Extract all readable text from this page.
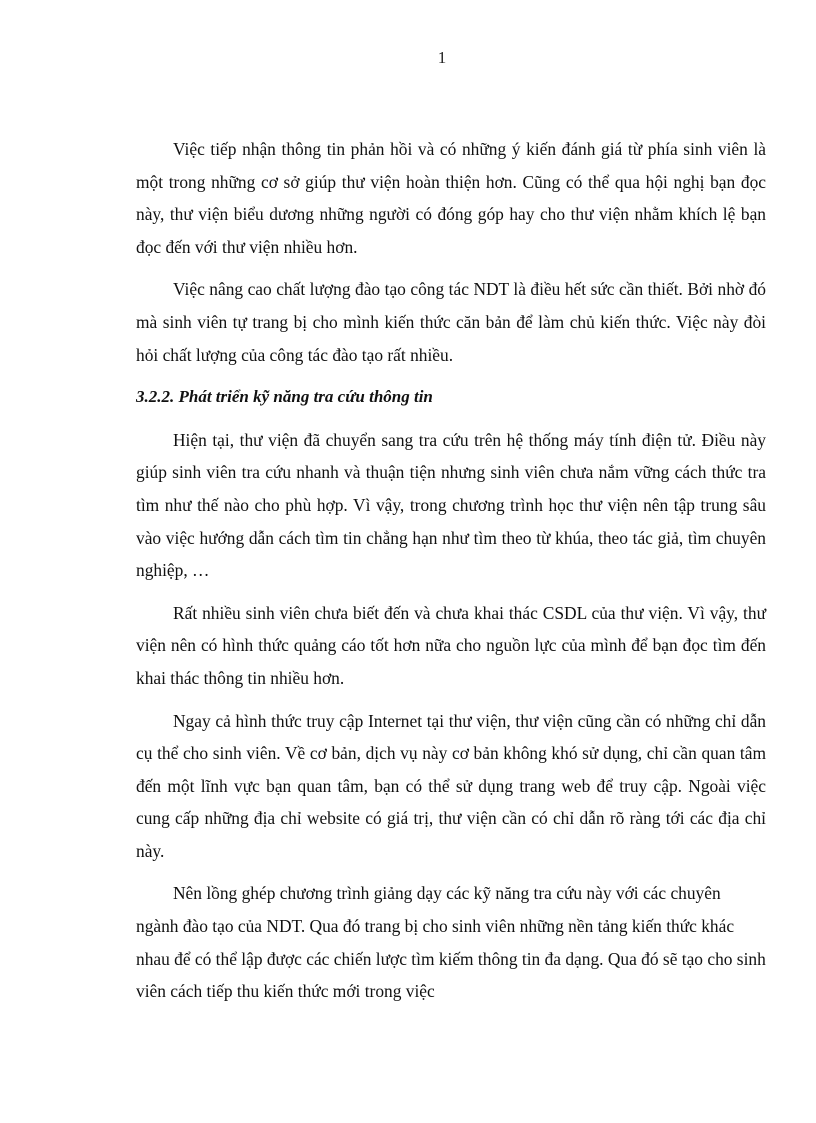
1

Việc tiếp nhận thông tin phản hồi và có những ý kiến đánh giá từ phía sinh viên là một trong những cơ sở giúp thư viện hoàn thiện hơn. Cũng có thể qua hội nghị bạn đọc này, thư viện biểu dương những người có đóng góp hay cho thư viện nhằm khích lệ bạn đọc đến với thư viện nhiều hơn.

Việc nâng cao chất lượng đào tạo công tác NDT là điều hết sức cần thiết. Bởi nhờ đó mà sinh viên tự trang bị cho mình kiến thức căn bản để làm chủ kiến thức. Việc này đòi hỏi chất lượng của công tác đào tạo rất nhiều.

3.2.2. Phát triển kỹ năng tra cứu thông tin

Hiện tại, thư viện đã chuyển sang tra cứu trên hệ thống máy tính điện tử. Điều này giúp sinh viên tra cứu nhanh và thuận tiện nhưng sinh viên chưa nắm vững cách thức tra tìm như thế nào cho phù hợp. Vì vậy, trong chương trình học thư viện nên tập trung sâu vào việc hướng dẫn cách tìm tin chẳng hạn như tìm theo từ khúa, theo tác giả, tìm chuyên nghiệp, …

Rất nhiều sinh viên chưa biết đến và chưa khai thác CSDL của thư viện. Vì vậy, thư viện nên có hình thức quảng cáo tốt hơn nữa cho nguồn lực của mình để bạn đọc tìm đến khai thác thông tin nhiều hơn.

Ngay cả hình thức truy cập Internet tại thư viện, thư viện cũng cần có những chỉ dẫn cụ thể cho sinh viên. Về cơ bản, dịch vụ này cơ bản không khó sử dụng, chỉ cần quan tâm đến một lĩnh vực bạn quan tâm, bạn có thể sử dụng trang web để truy cập. Ngoài việc cung cấp những địa chỉ website có giá trị, thư viện cần có chỉ dẫn rõ ràng tới các địa chỉ này.

Nên lồng ghép chương trình giảng dạy các kỹ năng tra cứu này với các chuyên ngành đào tạo của NDT. Qua đó trang bị cho sinh viên những nền tảng kiến thức khác nhau để có thể lập được các chiến lược tìm kiếm thông tin đa dạng. Qua đó sẽ tạo cho sinh viên cách tiếp thu kiến thức mới trong việc
